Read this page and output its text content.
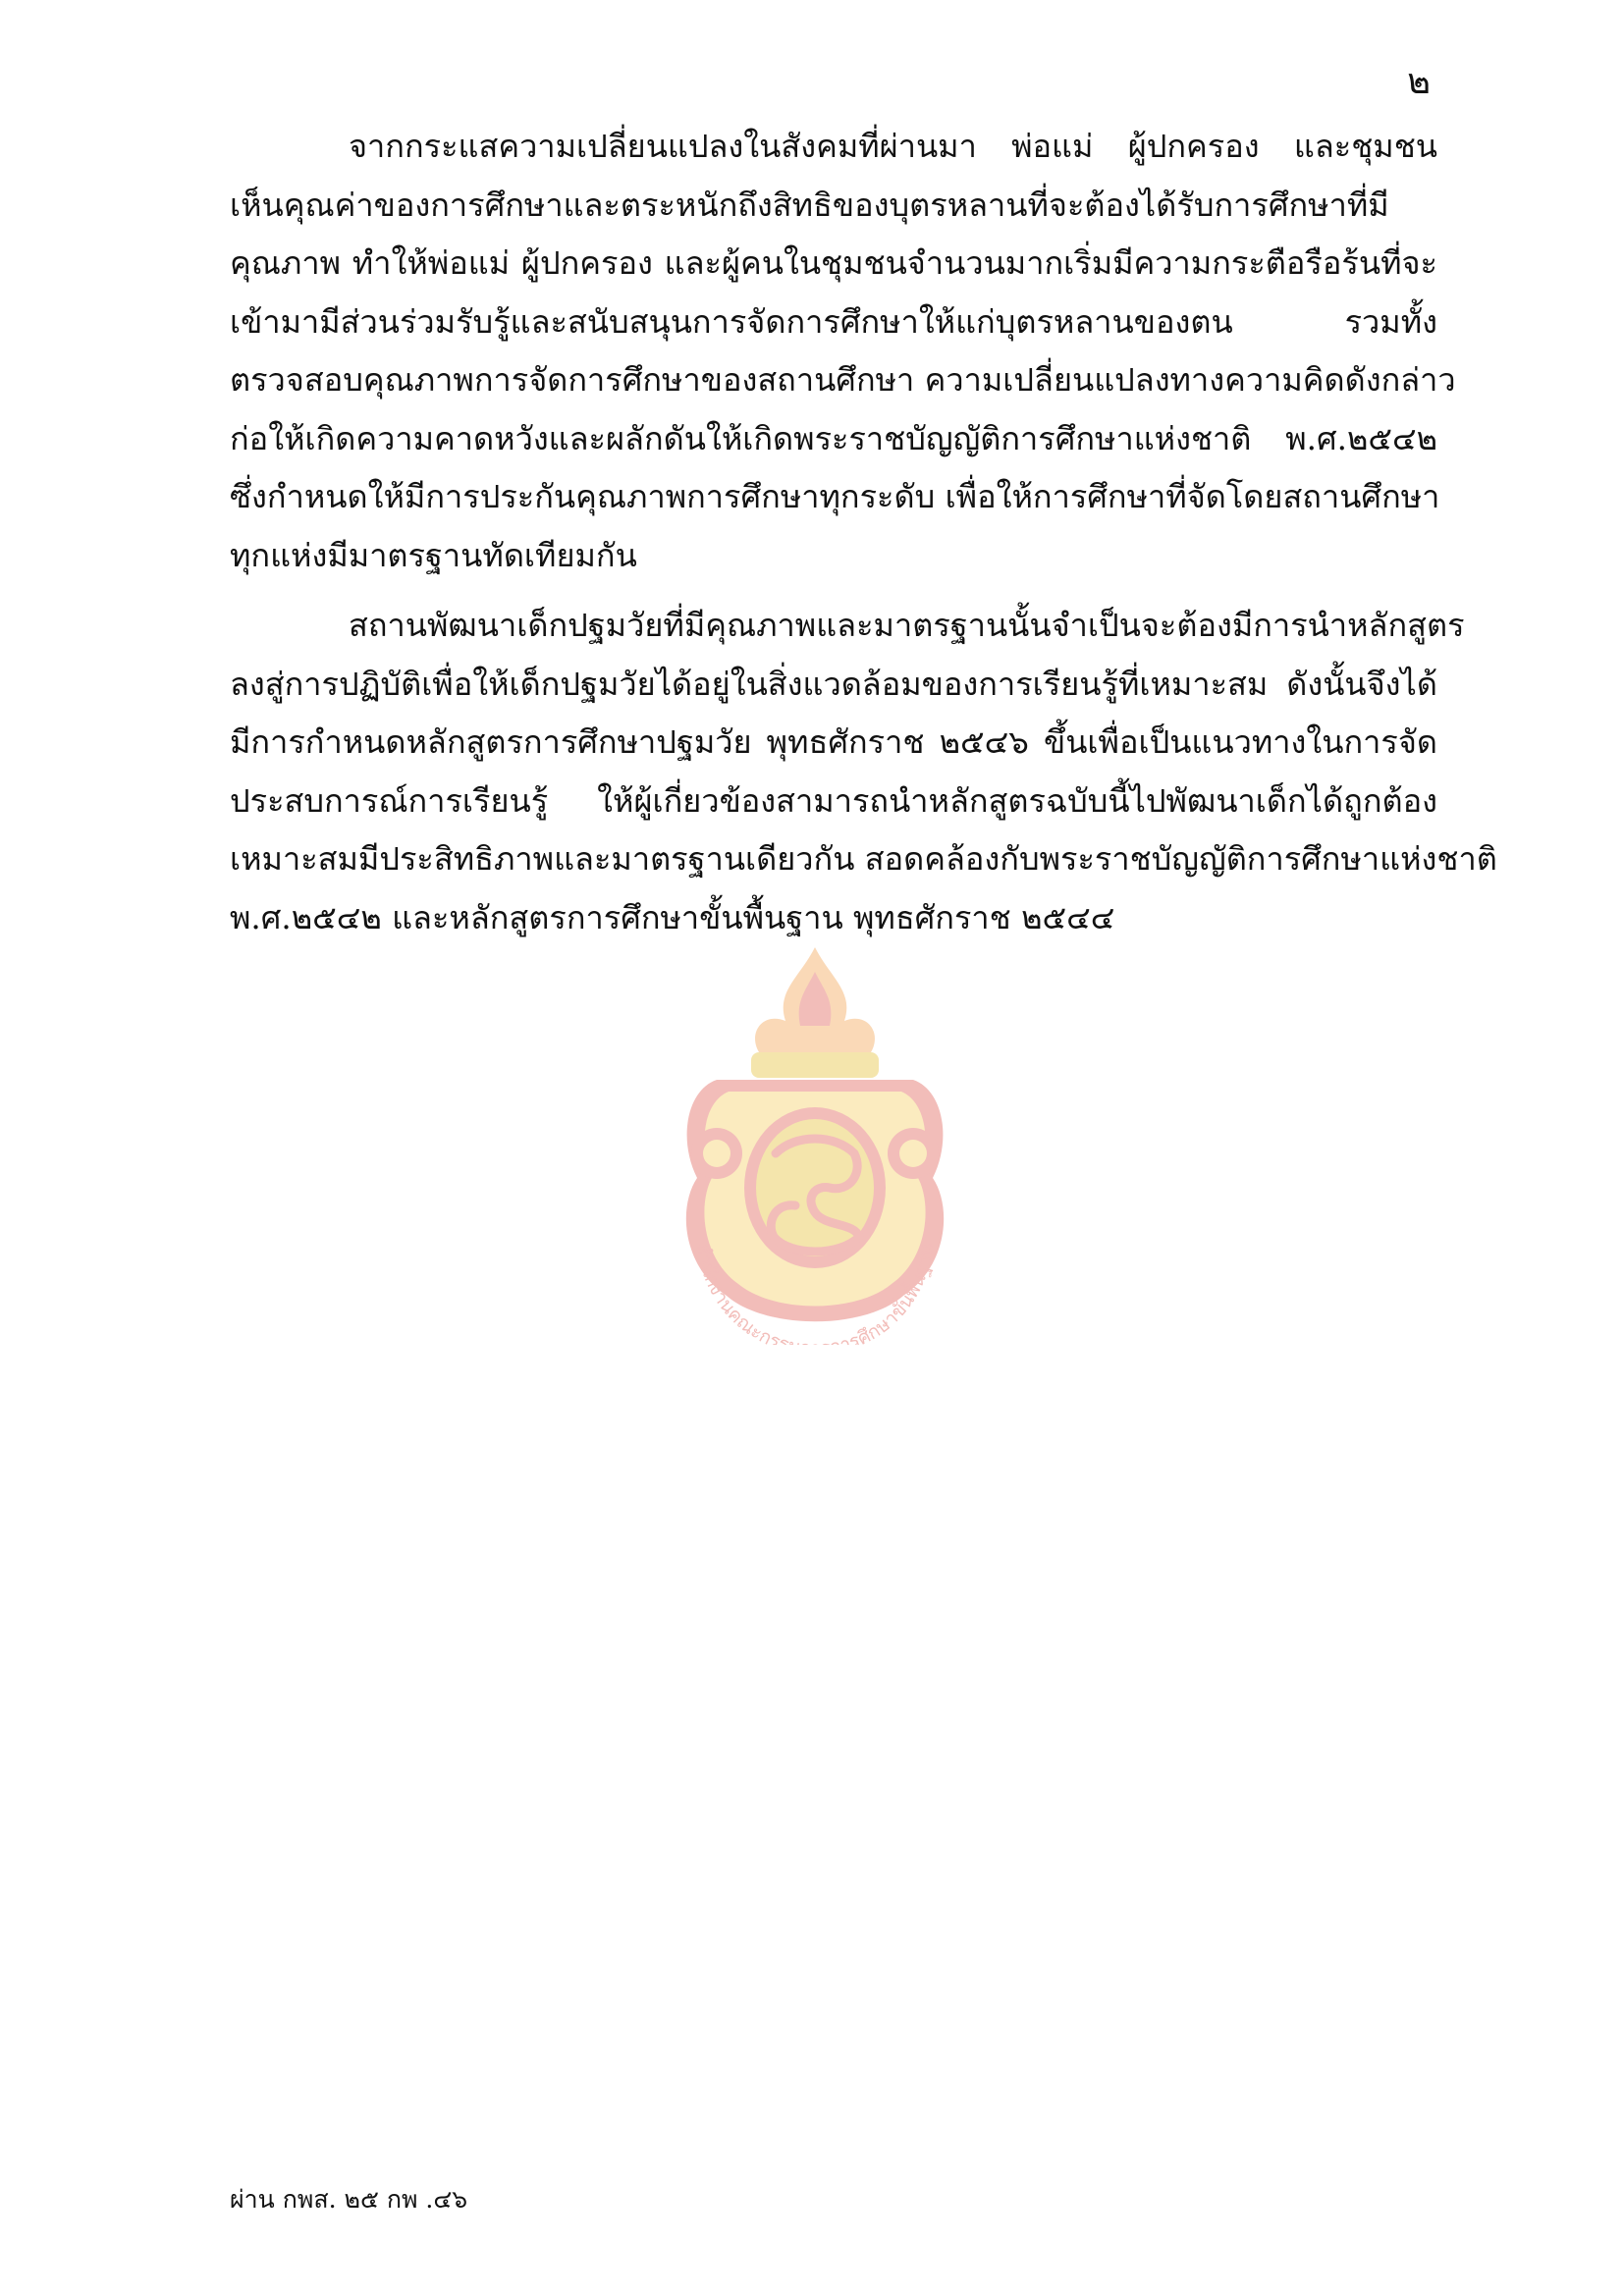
๒
จากกระแสความเปลี่ยนแปลงในสังคมที่ผ่านมา พ่อแม่ ผู้ปกครอง และชุมชน
เห็นคุณค่าของการศึกษาและตระหนักถึงสิทธิของบุตรหลานที่จะต้องได้รับการศึกษาที่มี
คุณภาพ ทำให้พ่อแม่ ผู้ปกครอง และผู้คนในชุมชนจำนวนมากเริ่มมีความกระตือรือร้นที่จะ
เข้ามามีส่วนร่วมรับรู้และสนับสนุนการจัดการศึกษาให้แก่บุตรหลานของตน รวมทั้ง
ตรวจสอบคุณภาพการจัดการศึกษาของสถานศึกษา ความเปลี่ยนแปลงทางความคิดดังกล่าว
ก่อให้เกิดความคาดหวังและผลักดันให้เกิดพระราชบัญญัติการศึกษาแห่งชาติ พ.ศ.๒๕๔๒
ซึ่งกำหนดให้มีการประกันคุณภาพการศึกษาทุกระดับ เพื่อให้การศึกษาที่จัดโดยสถานศึกษา
ทุกแห่งมีมาตรฐานทัดเทียมกัน
สถานพัฒนาเด็กปฐมวัยที่มีคุณภาพและมาตรฐานนั้นจำเป็นจะต้องมีการนำหลักสูตร
ลงสู่การปฏิบัติเพื่อให้เด็กปฐมวัยได้อยู่ในสิ่งแวดล้อมของการเรียนรู้ที่เหมาะสม ดังนั้นจึงได้
มีการกำหนดหลักสูตรการศึกษาปฐมวัย พุทธศักราช ๒๕๔๖ ขึ้นเพื่อเป็นแนวทางในการจัด
ประสบการณ์การเรียนรู้ ให้ผู้เกี่ยวข้องสามารถนำหลักสูตรฉบับนี้ไปพัฒนาเด็กได้ถูกต้อง
เหมาะสมมีประสิทธิภาพและมาตรฐานเดียวกัน สอดคล้องกับพระราชบัญญัติการศึกษาแห่งชาติ
พ.ศ.๒๕๔๒ และหลักสูตรการศึกษาขั้นพื้นฐาน พุทธศักราช ๒๕๔๔
สำนักงานคณะกรร ารศึกษาขั้นพื้นฐาน
ผ่าน กพส. ๒๕ กพ .๔๖
